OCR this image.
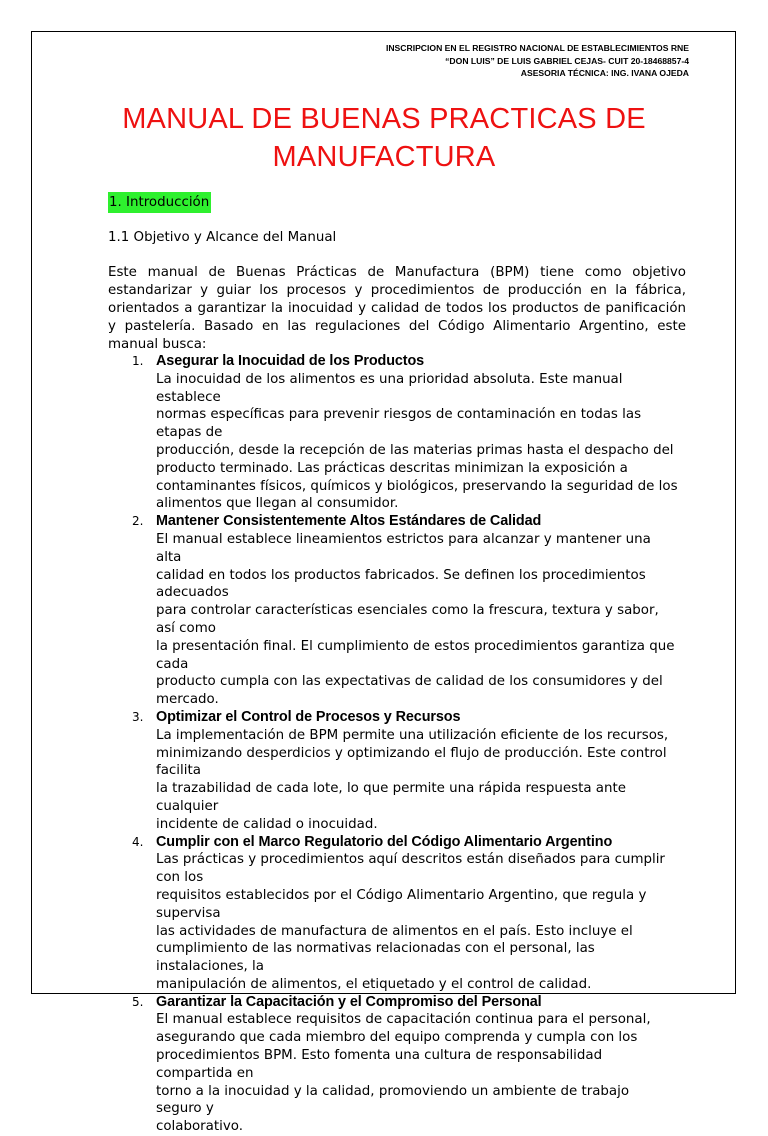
INSCRIPCION EN EL REGISTRO NACIONAL DE ESTABLECIMIENTOS RNE
“DON LUIS” DE LUIS GABRIEL CEJAS- CUIT 20-18468857-4
ASESORIA TÉCNICA: ING. IVANA OJEDA
MANUAL DE BUENAS PRACTICAS DE
MANUFACTURA
1. Introducción
1.1 Objetivo y Alcance del Manual

Este manual de Buenas Prácticas de Manufactura (BPM) tiene como objetivo estandarizar y guiar los procesos y procedimientos de producción en la fábrica, orientados a garantizar la inocuidad y calidad de todos los productos de panificación y pastelería. Basado en las regulaciones del Código Alimentario Argentino, este manual busca:

1. Asegurar la Inocuidad de los Productos
La inocuidad de los alimentos es una prioridad absoluta. Este manual establece
normas específicas para prevenir riesgos de contaminación en todas las etapas de
producción, desde la recepción de las materias primas hasta el despacho del
producto terminado. Las prácticas descritas minimizan la exposición a
contaminantes físicos, químicos y biológicos, preservando la seguridad de los
alimentos que llegan al consumidor.
2. Mantener Consistentemente Altos Estándares de Calidad
El manual establece lineamientos estrictos para alcanzar y mantener una alta
calidad en todos los productos fabricados. Se definen los procedimientos adecuados
para controlar características esenciales como la frescura, textura y sabor, así como
la presentación final. El cumplimiento de estos procedimientos garantiza que cada
producto cumpla con las expectativas de calidad de los consumidores y del
mercado.
3. Optimizar el Control de Procesos y Recursos
La implementación de BPM permite una utilización eficiente de los recursos,
minimizando desperdicios y optimizando el flujo de producción. Este control facilita
la trazabilidad de cada lote, lo que permite una rápida respuesta ante cualquier
incidente de calidad o inocuidad.
4. Cumplir con el Marco Regulatorio del Código Alimentario Argentino
Las prácticas y procedimientos aquí descritos están diseñados para cumplir con los
requisitos establecidos por el Código Alimentario Argentino, que regula y supervisa
las actividades de manufactura de alimentos en el país. Esto incluye el
cumplimiento de las normativas relacionadas con el personal, las instalaciones, la
manipulación de alimentos, el etiquetado y el control de calidad.
5. Garantizar la Capacitación y el Compromiso del Personal
El manual establece requisitos de capacitación continua para el personal,
asegurando que cada miembro del equipo comprenda y cumpla con los
procedimientos BPM. Esto fomenta una cultura de responsabilidad compartida en
torno a la inocuidad y la calidad, promoviendo un ambiente de trabajo seguro y
colaborativo.
